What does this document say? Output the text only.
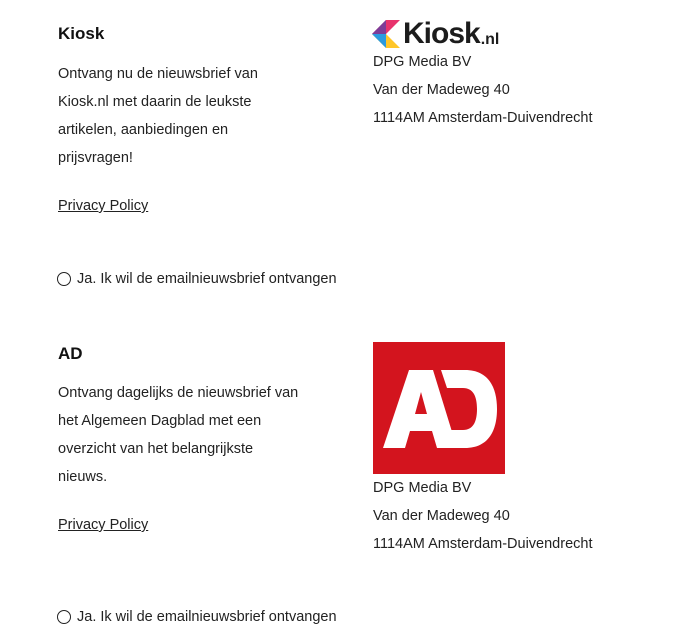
Kiosk
Ontvang nu de nieuwsbrief van
Kiosk.nl met daarin de leukste
artikelen, aanbiedingen en
prijsvragen!
Privacy Policy
Kiosk .nl
DPG Media BV
Van der Madeweg 40
1114AM Amsterdam-Duivendrecht
Ja. Ik wil de emailnieuwsbrief ontvangen
AD
Ontvang dagelijks de nieuwsbrief van
het Algemeen Dagblad met een
overzicht van het belangrijkste
nieuws.
Privacy Policy
DPG Media BV
Van der Madeweg 40
1114AM Amsterdam-Duivendrecht
Ja. Ik wil de emailnieuwsbrief ontvangen
